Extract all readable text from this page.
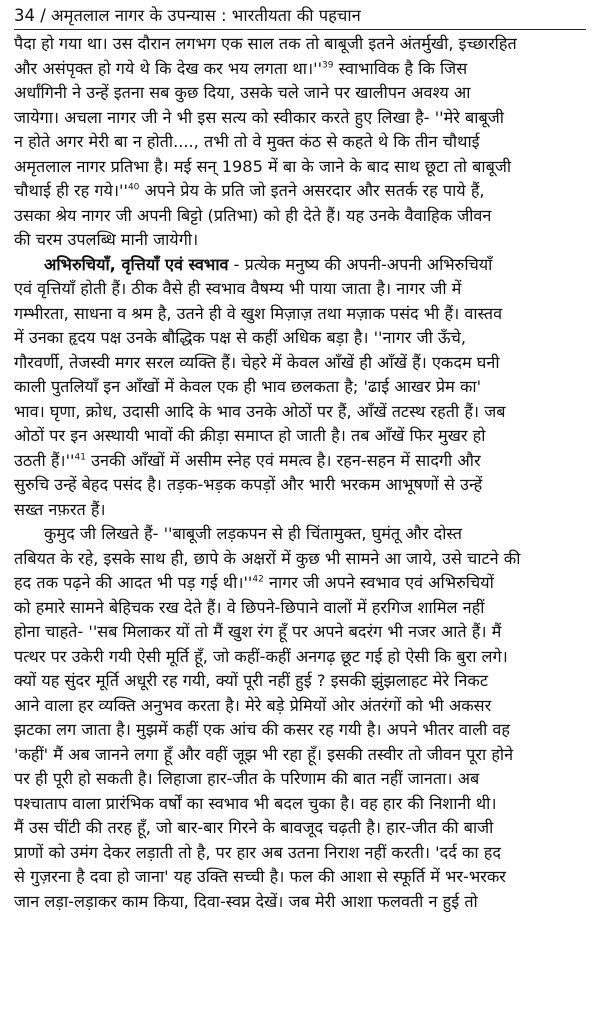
34 / अमृतलाल नागर के उपन्यास : भारतीयता की पहचान
पैदा हो गया था। उस दौरान लगभग एक साल तक तो बाबूजी इतने अंतर्मुखी, इच्छारहित
और असंपृक्त हो गये थे कि देख कर भय लगता $था।''^{39}$ स्वाभाविक है कि जिस
अर्धांगिनी ने उन्हें इतना सब कुछ दिया, उसके चले जाने पर खालीपन अवश्य आ
जायेगा। अचला नागर जी ने भी इस सत्य को स्वीकार करते हुए लिखा है- ''मेरे बाबूजी
न होते अगर मेरी बा न होती...., तभी तो वे मुक्त कंठ से कहते थे कि तीन चौथाई
अमृतलाल नागर प्रतिभा है। मई सन् 1985 में बा के जाने के बाद साथ छूटा तो बाबूजी
चौथाई ही रह $गये।''^{40}$ अपने प्रेय के प्रति जो इतने असरदार और सतर्क रह पाये हैं,
उसका श्रेय नागर जी अपनी बिट्टो (प्रतिभा) को ही देते हैं। यह उनके वैवाहिक जीवन
की चरम उपलब्धि मानी जायेगी।
अभिरुचियाँ, वृत्तियाँ एवं स्वभाव - प्रत्येक मनुष्य की अपनी-अपनी अभिरुचियाँ
एवं वृत्तियाँ होती हैं। ठीक वैसे ही स्वभाव वैषम्य भी पाया जाता है। नागर जी में
गम्भीरता, साधना व श्रम है, उतने ही वे खुश मिज़ाज़ तथा मज़ाक पसंद भी हैं। वास्तव
में उनका हृदय पक्ष उनके बौद्धिक पक्ष से कहीं अधिक बड़ा है। ''नागर जी ऊँचे,
गौरवर्णी, तेजस्वी मगर सरल व्यक्ति हैं। चेहरे में केवल आँखें ही आँखें हैं। एकदम घनी
काली पुतलियाँ इन आँखों में केवल एक ही भाव छलकता है; 'ढाई आखर प्रेम का'
भाव। घृणा, क्रोध, उदासी आदि के भाव उनके ओठों पर हैं, आँखें तटस्थ रहती हैं। जब
ओठों पर इन अस्थायी भावों की क्रीड़ा समाप्त हो जाती है। तब आँखें फिर मुखर हो
उठती $हैं।''^{41}$ उनकी आँखों में असीम स्नेह एवं ममत्व है। रहन-सहन में सादगी और
सुरुचि उन्हें बेहद पसंद है। तड़क-भड़क कपड़ों और भारी भरकम आभूषणों से उन्हें
सख्त नफ़रत हैं।
कुमुद जी लिखते हैं- ''बाबूजी लड़कपन से ही चिंतामुक्त, घुमंतू और दोस्त
तबियत के रहे, इसके साथ ही, छापे के अक्षरों में कुछ भी सामने आ जाये, उसे चाटने की
हद तक पढ़ने की आदत भी पड़ गई $थी।''^{42}$ नागर जी अपने स्वभाव एवं अभिरुचियों
को हमारे सामने बेहिचक रख देते हैं। वे छिपने-छिपाने वालों में हरगिज शामिल नहीं
होना चाहते- ''सब मिलाकर यों तो मैं खुश रंग हूँ पर अपने बदरंग भी नजर आते हैं। मैं
पत्थर पर उकेरी गयी ऐसी मूर्ति हूँ, जो कहीं-कहीं अनगढ़ छूट गई हो ऐसी कि बुरा लगे।
क्यों यह सुंदर मूर्ति अधूरी रह गयी, क्यों पूरी नहीं हुई ? इसकी झुंझलाहट मेरे निकट
आने वाला हर व्यक्ति अनुभव करता है। मेरे बड़े प्रेमियों ओर अंतरंगों को भी अकसर
झटका लग जाता है। मुझमें कहीं एक आंच की कसर रह गयी है। अपने भीतर वाली वह
'कहीं' मैं अब जानने लगा हूँ और वहीं जूझ भी रहा हूँ। इसकी तस्वीर तो जीवन पूरा होने
पर ही पूरी हो सकती है। लिहाजा हार-जीत के परिणाम की बात नहीं जानता। अब
पश्चाताप वाला प्रारंभिक वर्षों का स्वभाव भी बदल चुका है। वह हार की निशानी थी।
मैं उस चींटी की तरह हूँ, जो बार-बार गिरने के बावजूद चढ़ती है। हार-जीत की बाजी
प्राणों को उमंग देकर लड़ाती तो है, पर हार अब उतना निराश नहीं करती। 'दर्द का हद
से गुज़रना है दवा हो जाना' यह उक्ति सच्ची है। फल की आशा से स्फूर्ति में भर-भरकर
जान लड़ा-लड़ाकर काम किया, दिवा-स्वप्न देखें। जब मेरी आशा फलवती न हुई तो
